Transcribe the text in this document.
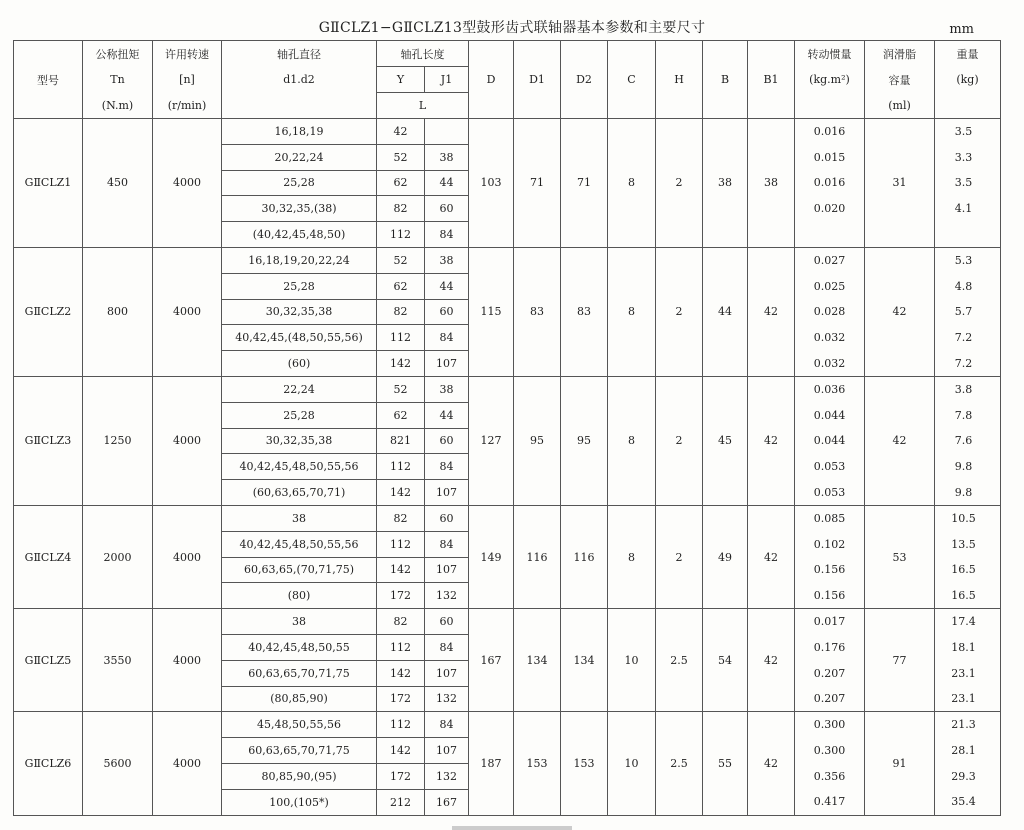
GⅡCLZ1−GⅡCLZ13型鼓形齿式联轴器基本参数和主要尺寸	mm
	公称扭矩	许用转速	轴孔直径	轴孔长度		D	D1	D2	C	H	B	B1	转动惯量	润滑脂	重量
型号	Tn	[n]	d1.d2	Y	J1								(kg.m²)	容量	(kg)
	(N.m)	(r/min)		L										(ml)	
GⅡCLZ1	450	4000	16,18,19	42		103	71	71	8	2	38	38	0.016	31	3.5
			20,22,24	52	38								0.015		3.3
			25,28	62	44								0.016		3.5
			30,32,35,(38)	82	60								0.020		4.1
			(40,42,45,48,50)	112	84										
GⅡCLZ2	800	4000	16,18,19,20,22,24	52	38	115	83	83	8	2	44	42	0.027	42	5.3
			25,28	62	44								0.025		4.8
			30,32,35,38	82	60								0.028		5.7
			40,42,45,(48,50,55,56)	112	84								0.032		7.2
			(60)	142	107								0.032		7.2
GⅡCLZ3	1250	4000	22,24	52	38	127	95	95	8	2	45	42	0.036	42	3.8
			25,28	62	44								0.044		7.8
			30,32,35,38	821	60								0.044		7.6
			40,42,45,48,50,55,56	112	84								0.053		9.8
			(60,63,65,70,71)	142	107								0.053		9.8
GⅡCLZ4	2000	4000	38	82	60	149	116	116	8	2	49	42	0.085	53	10.5
			40,42,45,48,50,55,56	112	84								0.102		13.5
			60,63,65,(70,71,75)	142	107								0.156		16.5
			(80)	172	132								0.156		16.5
GⅡCLZ5	3550	4000	38	82	60	167	134	134	10	2.5	54	42	0.017	77	17.4
			40,42,45,48,50,55	112	84								0.176		18.1
			60,63,65,70,71,75	142	107								0.207		23.1
			(80,85,90)	172	132								0.207		23.1
GⅡCLZ6	5600	4000	45,48,50,55,56	112	84	187	153	153	10	2.5	55	42	0.300	91	21.3
			60,63,65,70,71,75	142	107								0.300		28.1
			80,85,90,(95)	172	132								0.356		29.3
			100,(105*)	212	167								0.417		35.4
